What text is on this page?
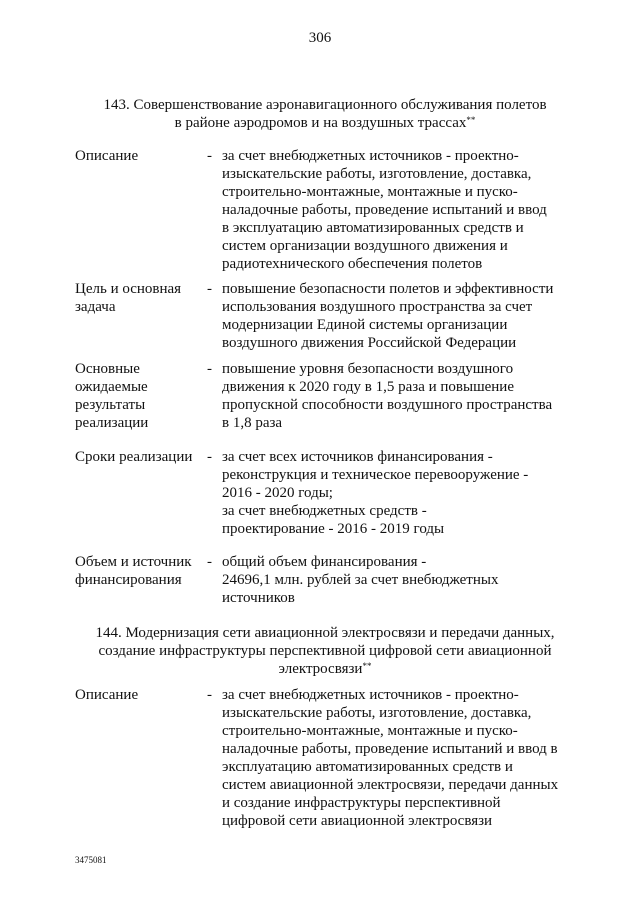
306
143. Совершенствование аэронавигационного обслуживания полетов
в районе аэродромов и на воздушных трассах**
Описание	- за счет внебюджетных источников - проектно-
изыскательские работы, изготовление, доставка,
строительно-монтажные, монтажные и пуско-
наладочные работы, проведение испытаний и ввод
в эксплуатацию автоматизированных средств и
систем организации воздушного движения и
радиотехнического обеспечения полетов
Цель и основная
задача
- повышение безопасности полетов и эффективности
использования воздушного пространства за счет
модернизации Единой системы организации
воздушного движения Российской Федерации
Основные
ожидаемые
результаты
реализации
- повышение уровня безопасности воздушного
движения к 2020 году в 1,5 раза и повышение
пропускной способности воздушного пространства
в 1,8 раза
Сроки реализации - за счет всех источников финансирования -
реконструкция и техническое перевооружение -
2016 - 2020 годы;
за счет внебюджетных средств -
проектирование - 2016 - 2019 годы
Объем и источник
финансирования
- общий объем финансирования -
24696,1 млн. рублей за счет внебюджетных
источников
144. Модернизация сети авиационной электросвязи и передачи данных,
создание инфраструктуры перспективной цифровой сети авиационной
электросвязи**
Описание	- за счет внебюджетных источников - проектно-
изыскательские работы, изготовление, доставка,
строительно-монтажные, монтажные и пуско-
наладочные работы, проведение испытаний и ввод в
эксплуатацию автоматизированных средств и
систем авиационной электросвязи, передачи данных
и создание инфраструктуры перспективной
цифровой сети авиационной электросвязи
3475081
